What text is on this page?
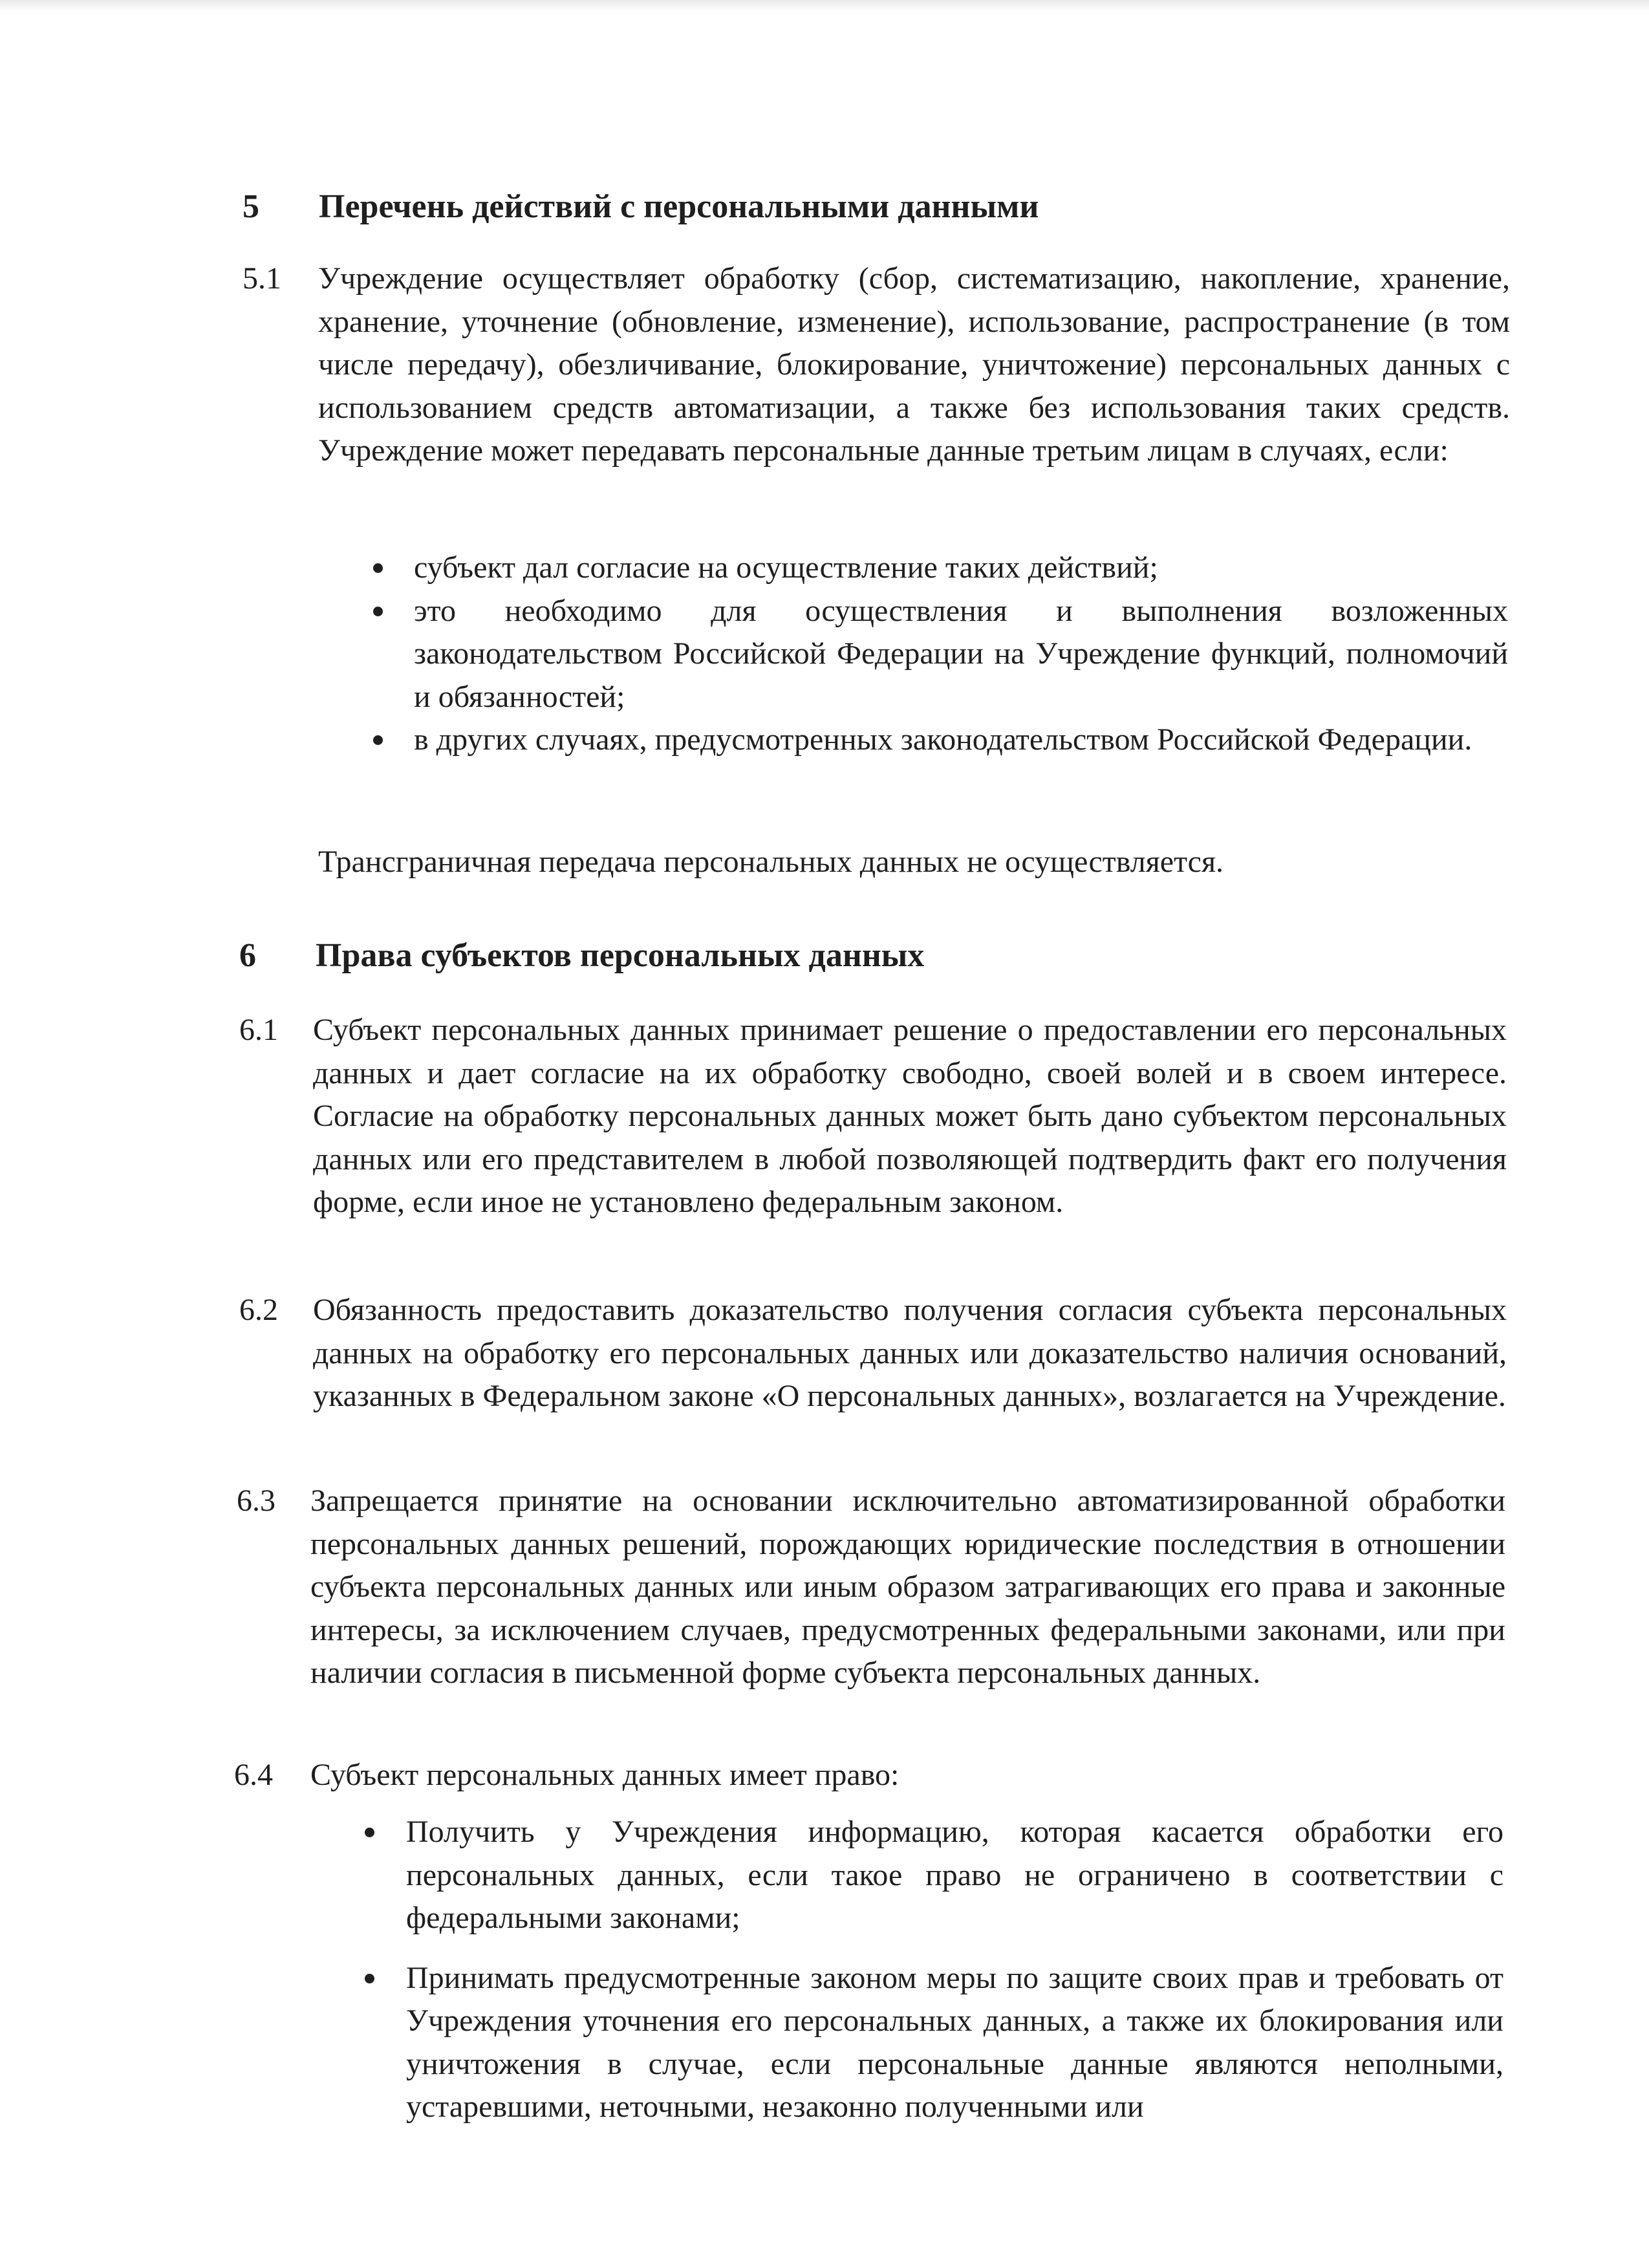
5 Перечень действий с персональными данными
5.1 Учреждение осуществляет обработку (сбор, систематизацию, накопление, хранение, хранение, уточнение (обновление, изменение), использование, распространение (в том числе передачу), обезличивание, блокирование, уничтожение) персональных данных с использованием средств автоматизации, а также без использования таких средств. Учреждение может передавать персональные данные третьим лицам в случаях, если:
субъект дал согласие на осуществление таких действий;
это необходимо для осуществления и выполнения возложенных законодательством Российской Федерации на Учреждение функций, полномочий и обязанностей;
в других случаях, предусмотренных законодательством Российской Федерации.
Трансграничная передача персональных данных не осуществляется.
6 Права субъектов персональных данных
6.1 Субъект персональных данных принимает решение о предоставлении его персональных данных и дает согласие на их обработку свободно, своей волей и в своем интересе. Согласие на обработку персональных данных может быть дано субъектом персональных данных или его представителем в любой позволяющей подтвердить факт его получения форме, если иное не установлено федеральным законом.
6.2 Обязанность предоставить доказательство получения согласия субъекта персональных данных на обработку его персональных данных или доказательство наличия оснований, указанных в Федеральном законе «О персональных данных», возлагается на Учреждение.
6.3 Запрещается принятие на основании исключительно автоматизированной обработки персональных данных решений, порождающих юридические последствия в отношении субъекта персональных данных или иным образом затрагивающих его права и законные интересы, за исключением случаев, предусмотренных федеральными законами, или при наличии согласия в письменной форме субъекта персональных данных.
6.4 Субъект персональных данных имеет право:
Получить у Учреждения информацию, которая касается обработки его персональных данных, если такое право не ограничено в соответствии с федеральными законами;
Принимать предусмотренные законом меры по защите своих прав и требовать от Учреждения уточнения его персональных данных, а также их блокирования или уничтожения в случае, если персональные данные являются неполными, устаревшими, неточными, незаконно полученными или
